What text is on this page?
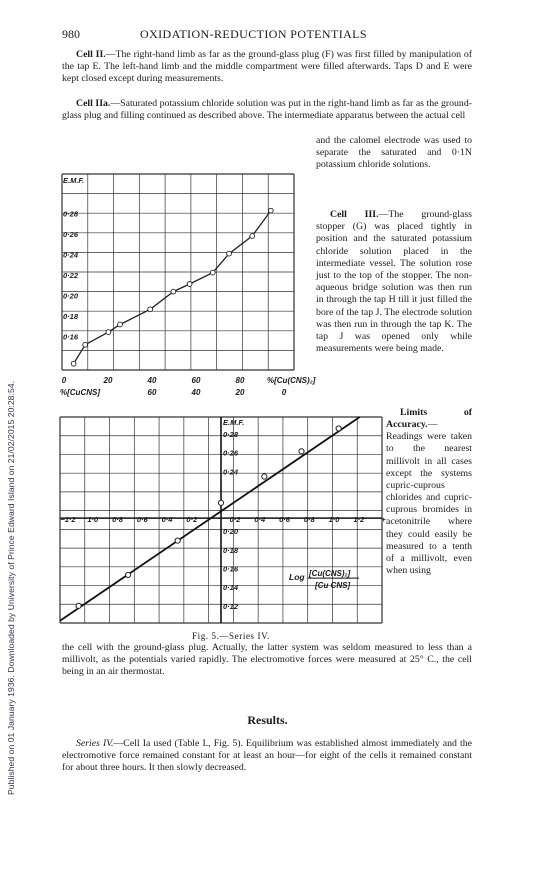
Published on 01 January 1936. Downloaded by University of Prince Edward Island on 21/02/2015 20:28:54.
980	OXIDATION-REDUCTION POTENTIALS

Cell II.—The right-hand limb as far as the ground-glass plug (F) was first filled by manipulation of the tap E. The left-hand limb and the middle compartment were filled afterwards. Taps D and E were kept closed except during measurements.

Cell IIa.—Saturated potassium chloride solution was put in the right-hand limb as far as the ground-glass plug and filling continued as described above. The intermediate apparatus between the actual cell

and the calomel electrode was used to separate the saturated and 0·1N potassium chloride solutions.

Cell III.—The ground-glass stopper (G) was placed tightly in position and the saturated potassium chloride solution placed in the intermediate vessel. The solution rose just to the top of the stopper. The non-aqueous bridge solution was then run in through the tap H till it just filled the bore of the tap J. The electrode solution was then run in through the tap K. The tap J was opened only while measurements were being made.

Limits of Accuracy.—Readings were taken to the nearest millivolt in all cases except the systems cupric-cuprous chlorides and cupric-cuprous bromides in acetonitrile where they could easily be measured to a tenth of a millivolt, even when using

Fig. 5.—Series IV.

the cell with the ground-glass plug. Actually, the latter system was seldom measured to less than a millivolt, as the potentials varied rapidly. The electromotive forces were measured at 25° C., the cell being in an air thermostat.

Results.

Series IV.—Cell Ia used (Table I., Fig. 5). Equilibrium was established almost immediately and the electromotive force remained constant for at least an hour—for eight of the cells it remained constant for about three hours. It then slowly decreased.

E.M.F.
0·28
0·26
0·24
0·22
0·20
0·18
0·16
0	20	40	60	80	%[Cu(CNS)₂]
%[CuCNS]	60	40	20	0
E.M.F.
0·28
0·26
0·24
0·20
0·18
0·16
0·14
0·12
−1·2 1·0 0·8 0·6 0·4 0·2	0·2 0·4 0·6 0·8 1·0 1·2 +
Log [Cu(CNS)₂]
[Cu CNS]
